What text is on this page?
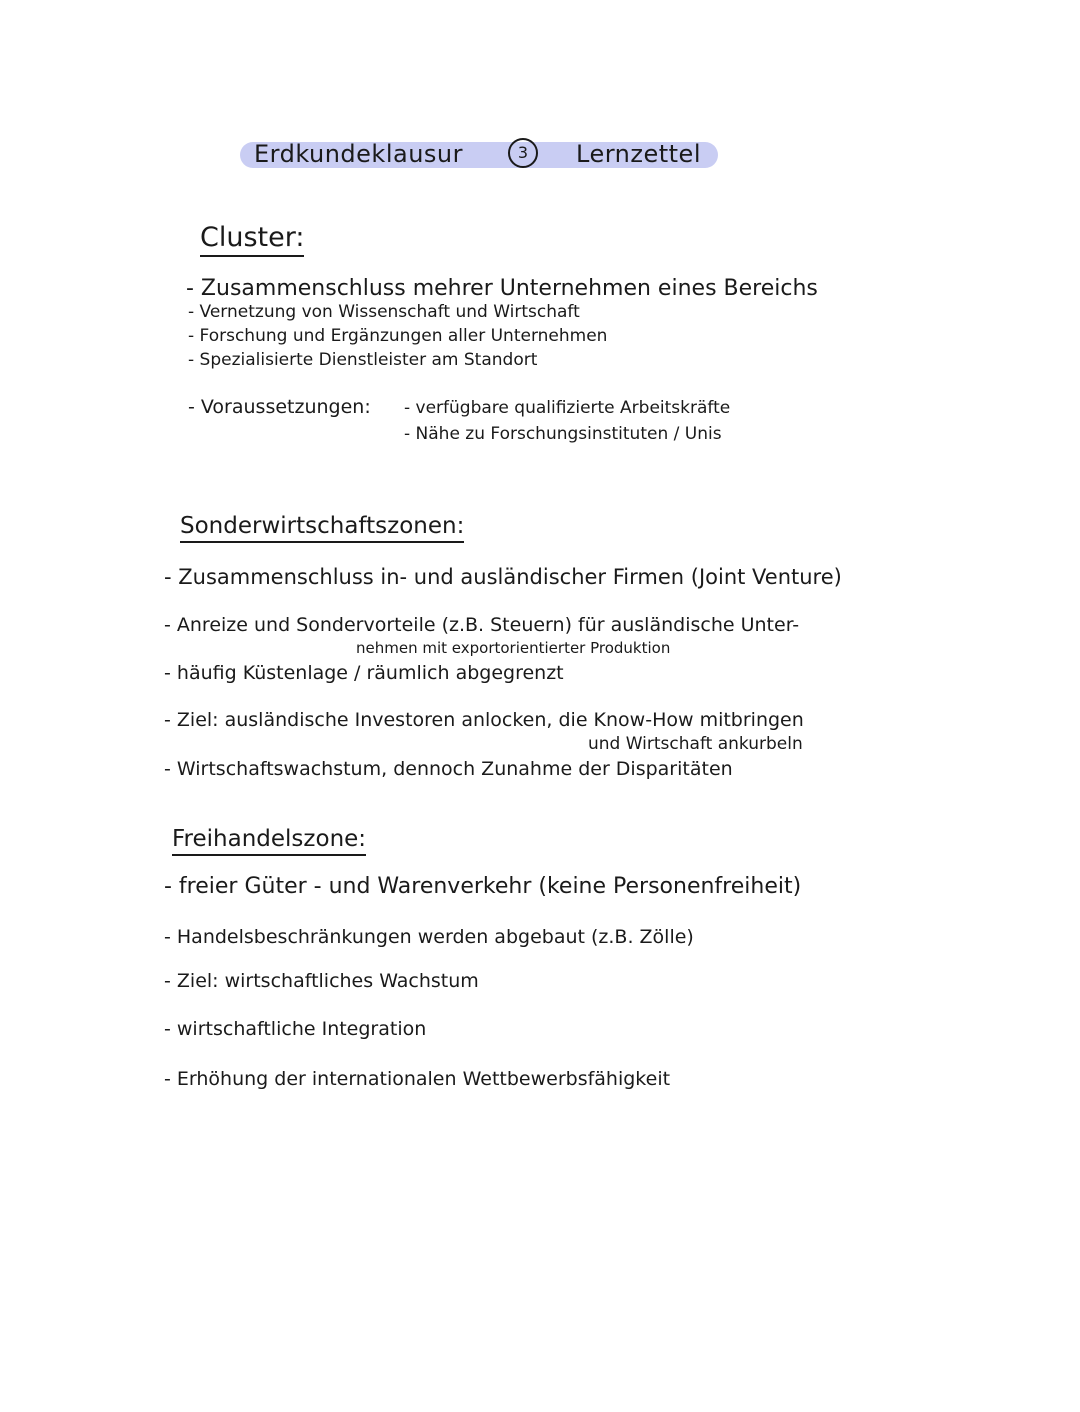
Erdkundeklausur	3	Lernzettel
Cluster:
- Zusammenschluss mehrer Unternehmen eines Bereichs
- Vernetzung von Wissenschaft und Wirtschaft
- Forschung und Ergänzungen aller Unternehmen
- Spezialisierte Dienstleister am Standort
- Voraussetzungen: - verfügbare qualifizierte Arbeitskräfte
- Nähe zu Forschungsinstituten / Unis
Sonderwirtschaftszonen:
- Zusammenschluss in- und ausländischer Firmen (Joint Venture)
- Anreize und Sondervorteile (z.B. Steuern) für ausländische Unter-
nehmen mit exportorientierter Produktion
- häufig Küstenlage / räumlich abgegrenzt
- Ziel: ausländische Investoren anlocken, die Know-How mitbringen
und Wirtschaft ankurbeln
- Wirtschaftswachstum, dennoch Zunahme der Disparitäten
Freihandelszone:
- freier Güter - und Warenverkehr (keine Personenfreiheit)
- Handelsbeschränkungen werden abgebaut (z.B. Zölle)
- Ziel: wirtschaftliches Wachstum
- wirtschaftliche Integration
- Erhöhung der internationalen Wettbewerbsfähigkeit
